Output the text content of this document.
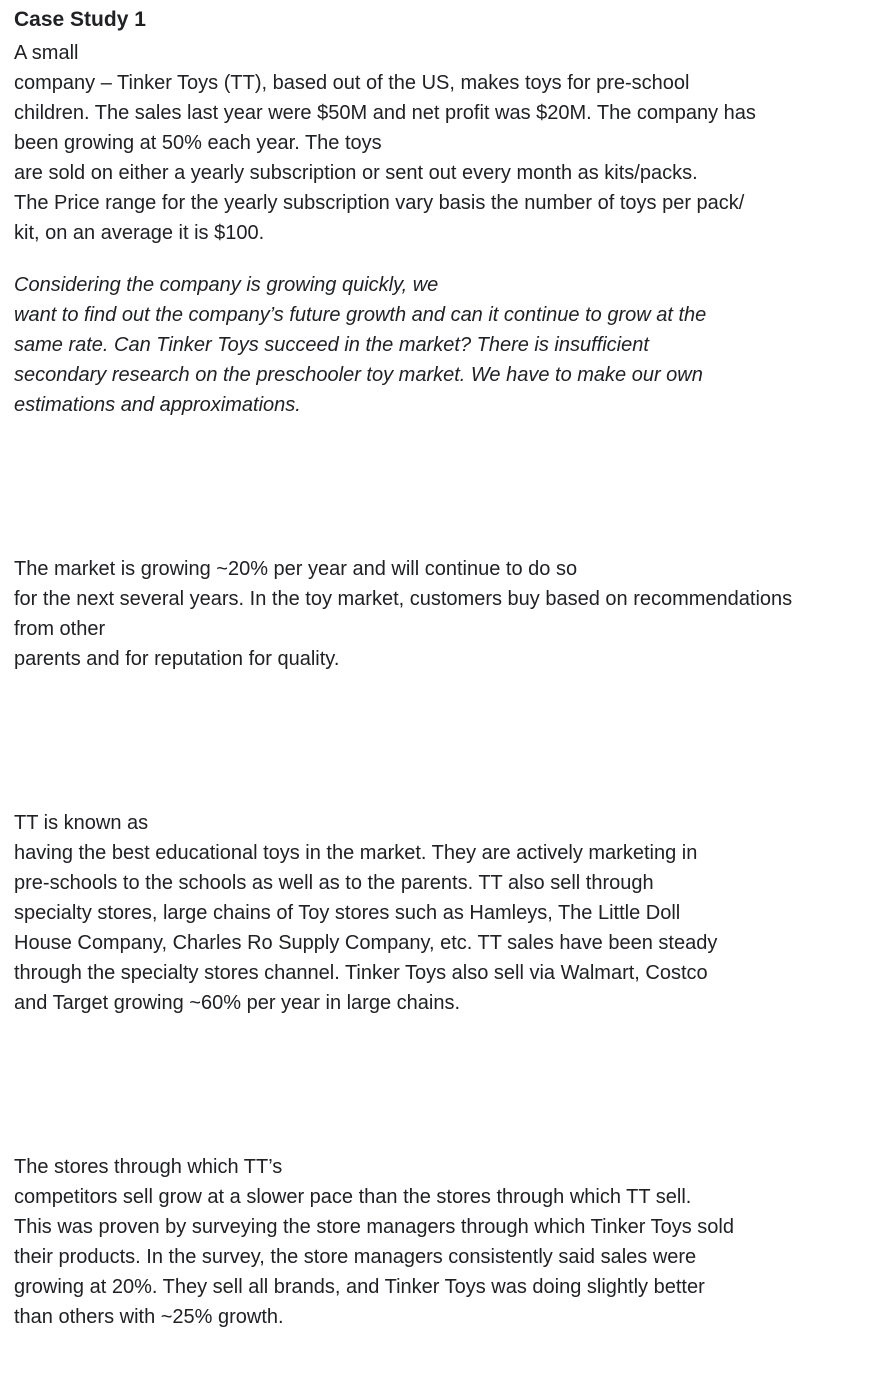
Case Study 1
A small
company – Tinker Toys (TT), based out of the US, makes toys for pre-school
children. The sales last year were $50M and net profit was $20M. The company has
been growing at 50% each year. The toys
are sold on either a yearly subscription or sent out every month as kits/packs.
The Price range for the yearly subscription vary basis the number of toys per pack/
kit, on an average it is $100.
Considering the company is growing quickly, we
want to find out the company’s future growth and can it continue to grow at the
same rate. Can Tinker Toys succeed in the market? There is insufficient
secondary research on the preschooler toy market. We have to make our own
estimations and approximations.
The market is growing ~20% per year and will continue to do so
for the next several years. In the toy market, customers buy based on recommendations
from other
parents and for reputation for quality.
TT is known as
having the best educational toys in the market. They are actively marketing in
pre-schools to the schools as well as to the parents. TT also sell through
specialty stores, large chains of Toy stores such as Hamleys, The Little Doll
House Company, Charles Ro Supply Company, etc. TT sales have been steady
through the specialty stores channel. Tinker Toys also sell via Walmart, Costco
and Target growing ~60% per year in large chains.
The stores through which TT’s
competitors sell grow at a slower pace than the stores through which TT sell.
This was proven by surveying the store managers through which Tinker Toys sold
their products. In the survey, the store managers consistently said sales were
growing at 20%. They sell all brands, and Tinker Toys was doing slightly better
than others with ~25% growth.
